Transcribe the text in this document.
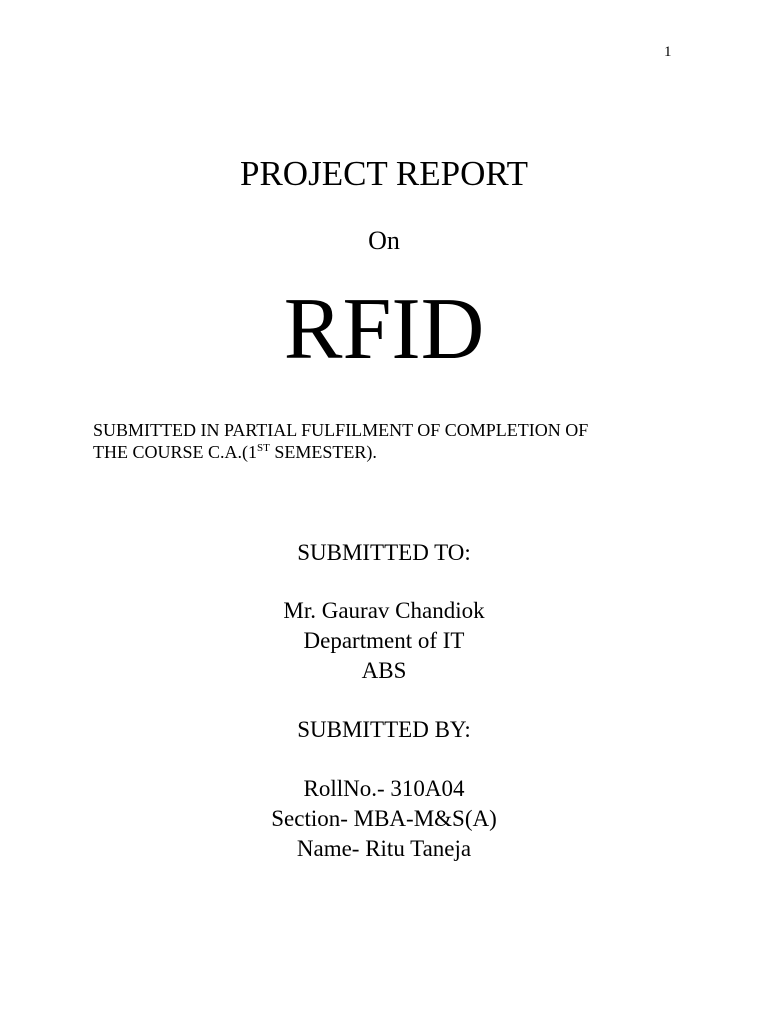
1
PROJECT REPORT
On
RFID
SUBMITTED IN PARTIAL FULFILMENT OF COMPLETION OF
THE COURSE C.A.(1ST SEMESTER).
SUBMITTED TO:
Mr. Gaurav Chandiok
Department of IT
ABS
SUBMITTED BY:
RollNo.- 310A04
Section- MBA-M&S(A)
Name- Ritu Taneja
